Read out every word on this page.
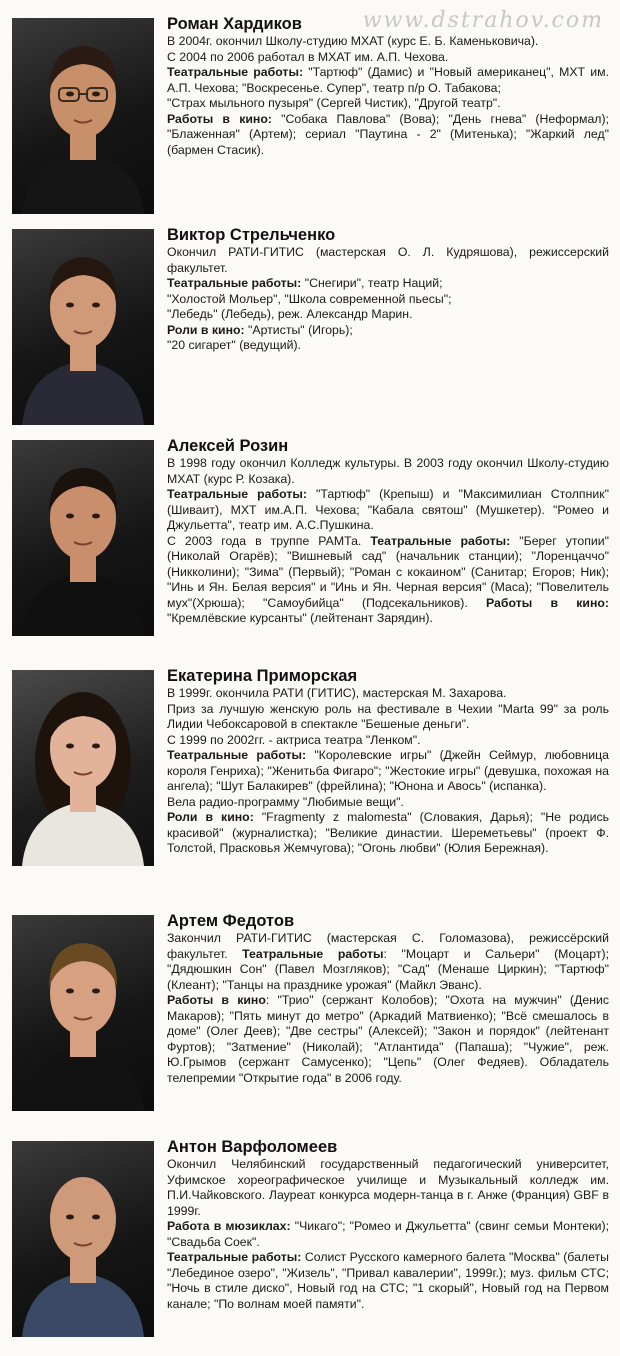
www.dstrahov.com
Роман Хардиков

В 2004г. окончил Школу-студию МХАТ (курс Е. Б. Каменьковича).

С 2004 по 2006 работал в МХАТ им. А.П. Чехова.

Театральные работы: "Тартюф" (Дамис) и "Новый американец", МХТ им. А.П. Чехова; "Воскресенье. Супер", театр п/р О. Табакова;

"Страх мыльного пузыря" (Сергей Чистик), "Другой театр".

Работы в кино: "Собака Павлова" (Вова); "День гнева" (Неформал); "Блаженная" (Артем); сериал "Паутина - 2" (Митенька); "Жаркий лед" (бармен Стасик).

Виктор Стрельченко

Окончил РАТИ-ГИТИС (мастерская О. Л. Кудряшова), режиссерский факультет.

Театральные работы: "Снегири", театр Наций;

"Холостой Мольер", "Школа современной пьесы";

"Лебедь" (Лебедь), реж. Александр Марин.

Роли в кино: "Артисты" (Игорь);

"20 сигарет" (ведущий).

Алексей Розин

В 1998 году окончил Колледж культуры. В 2003 году окончил Школу-студию МХАТ (курс Р. Козака).

Театральные работы: "Тартюф" (Крепыш) и "Максимилиан Столпник" (Шиваит), МХТ им.А.П. Чехова; "Кабала святош" (Мушкетер). "Ромео и Джульетта", театр им. А.С.Пушкина.

С 2003 года в труппе РАМТа. Театральные работы: "Берег утопии" (Николай Огарёв); "Вишневый сад" (начальник станции); "Лоренцаччо" (Никколини); "Зима" (Первый); "Роман с кокаином" (Санитар; Егоров; Ник); "Инь и Ян. Белая версия" и "Инь и Ян. Черная версия" (Маса); "Повелитель мух"(Хрюша); "Самоубийца" (Подсекальников). Работы в кино: "Кремлёвские курсанты" (лейтенант Зарядин).

Екатерина Приморская

В 1999г. окончила РАТИ (ГИТИС), мастерская М. Захарова.

Приз за лучшую женскую роль на фестивале в Чехии "Marta 99" за роль Лидии Чебоксаровой в спектакле "Бешеные деньги".

С 1999 по 2002гг. - актриса театра "Ленком".

Театральные работы: "Королевские игры" (Джейн Сеймур, любовница короля Генриха); "Женитьба Фигаро"; "Жестокие игры" (девушка, похожая на ангела); "Шут Балакирев" (фрейлина); "Юнона и Авось" (испанка).

Вела радио-программу "Любимые вещи".

Роли в кино: "Fragmenty z malomesta" (Словакия, Дарья); "Не родись красивой" (журналистка); "Великие династии. Шереметьевы" (проект Ф. Толстой, Прасковья Жемчугова); "Огонь любви" (Юлия Бережная).

Артем Федотов

Закончил РАТИ-ГИТИС (мастерская С. Голомазова), режиссёрский факультет. Театральные работы: "Моцарт и Сальери" (Моцарт); "Дядюшкин Сон" (Павел Мозгляков); "Сад" (Менаше Циркин); "Тартюф" (Клеант); "Танцы на празднике урожая" (Майкл Эванс).

Работы в кино: "Трио" (сержант Колобов); "Охота на мужчин" (Денис Макаров); "Пять минут до метро" (Аркадий Матвиенко); "Всё смешалось в доме" (Олег Деев); "Две сестры" (Алексей); "Закон и порядок" (лейтенант Фуртов); "Затмение" (Николай); "Атлантида" (Папаша); "Чужие", реж. Ю.Грымов (сержант Самусенко); "Цепь" (Олег Федяев). Обладатель телепремии "Открытие года" в 2006 году.

Антон Варфоломеев

Окончил Челябинский государственный педагогический университет, Уфимское хореографическое училище и Музыкальный колледж им. П.И.Чайковского. Лауреат конкурса модерн-танца в г. Анже (Франция) GBF в 1999г.

Работа в мюзиклах: "Чикаго"; "Ромео и Джульетта" (свинг семьи Монтеки); "Свадьба Соек".

Театральные работы: Солист Русского камерного балета "Москва" (балеты "Лебединое озеро", "Жизель", "Привал кавалерии", 1999г.); муз. фильм СТС; "Ночь в стиле диско", Новый год на СТС; "1 скорый", Новый год на Первом канале; "По волнам моей памяти".
